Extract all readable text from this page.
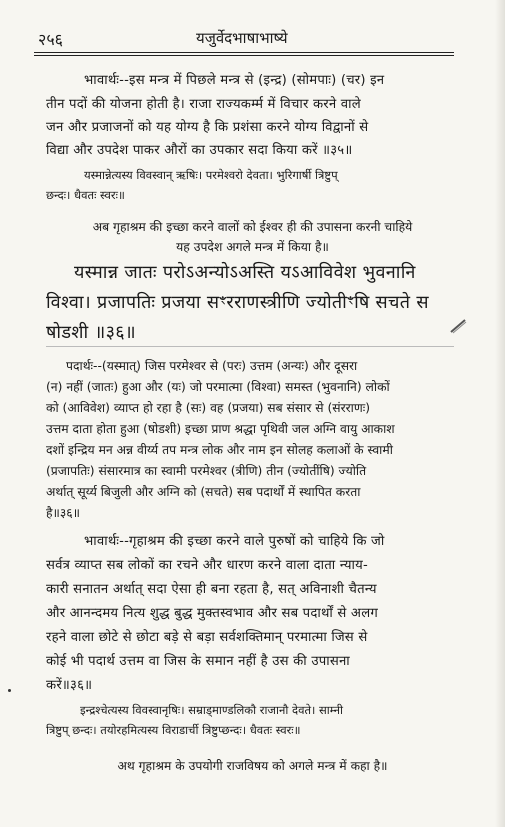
२५६	यजुर्वेदभाषाभाष्ये
भावार्थः--इस मन्त्र में पिछले मन्त्र से (इन्द्र) (सोमपाः) (चर) इन
तीन पदों की योजना होती है। राजा राज्यकर्म्म में विचार करने वाले
जन और प्रजाजनों को यह योग्य है कि प्रशंसा करने योग्य विद्वानों से
विद्या और उपदेश पाकर औरों का उपकार सदा किया करें ॥३५॥
यस्मान्नेत्यस्य विवस्वान् ऋषिः। परमेश्वरो देवता। भुरिगार्षी त्रिष्टुप्
छन्दः। धैवतः स्वरः॥
अब गृहाश्रम की इच्छा करने वालों को ईश्वर ही की उपासना करनी चाहिये
यह उपदेश अगले मन्त्र में किया है॥
यस्मान्न जातः परोऽअन्योऽअस्ति यऽआविवेश भुवनानि
विश्वा। प्रजापतिः प्रजया सꣳरराणस्त्रीणि ज्योतीꣳषि सचते स
षोडशी ॥३६॥
पदार्थः--(यस्मात्) जिस परमेश्वर से (परः) उत्तम (अन्यः) और दूसरा
(न) नहीं (जातः) हुआ और (यः) जो परमात्मा (विश्वा) समस्त (भुवनानि) लोकों
को (आविवेश) व्याप्त हो रहा है (सः) वह (प्रजया) सब संसार से (संरराणः)
उत्तम दाता होता हुआ (षोडशी) इच्छा प्राण श्रद्धा पृथिवी जल अग्नि वायु आकाश
दशों इन्द्रिय मन अन्न वीर्य्य तप मन्त्र लोक और नाम इन सोलह कलाओं के स्वामी
(प्रजापतिः) संसारमात्र का स्वामी परमेश्वर (त्रीणि) तीन (ज्योतींषि) ज्योति
अर्थात् सूर्य्य बिजुली और अग्नि को (सचते) सब पदार्थों में स्थापित करता
है॥३६॥
भावार्थः--गृहाश्रम की इच्छा करने वाले पुरुषों को चाहिये कि जो
सर्वत्र व्याप्त सब लोकों का रचने और धारण करने वाला दाता न्याय-
कारी सनातन अर्थात् सदा ऐसा ही बना रहता है, सत् अविनाशी चैतन्य
और आनन्दमय नित्य शुद्ध बुद्ध मुक्तस्वभाव और सब पदार्थों से अलग
रहने वाला छोटे से छोटा बड़े से बड़ा सर्वशक्तिमान् परमात्मा जिस से
कोई भी पदार्थ उत्तम वा जिस के समान नहीं है उस की उपासना
करें॥३६॥
इन्द्रश्चेत्यस्य विवस्वानृषिः। सम्राड्माण्डलिकौ राजानौ देवते। साम्नी
त्रिष्टुप् छन्दः। तयोरहमित्यस्य विराडार्ची त्रिष्टुप्छन्दः। धैवतः स्वरः॥
अथ गृहाश्रम के उपयोगी राजविषय को अगले मन्त्र में कहा है॥
